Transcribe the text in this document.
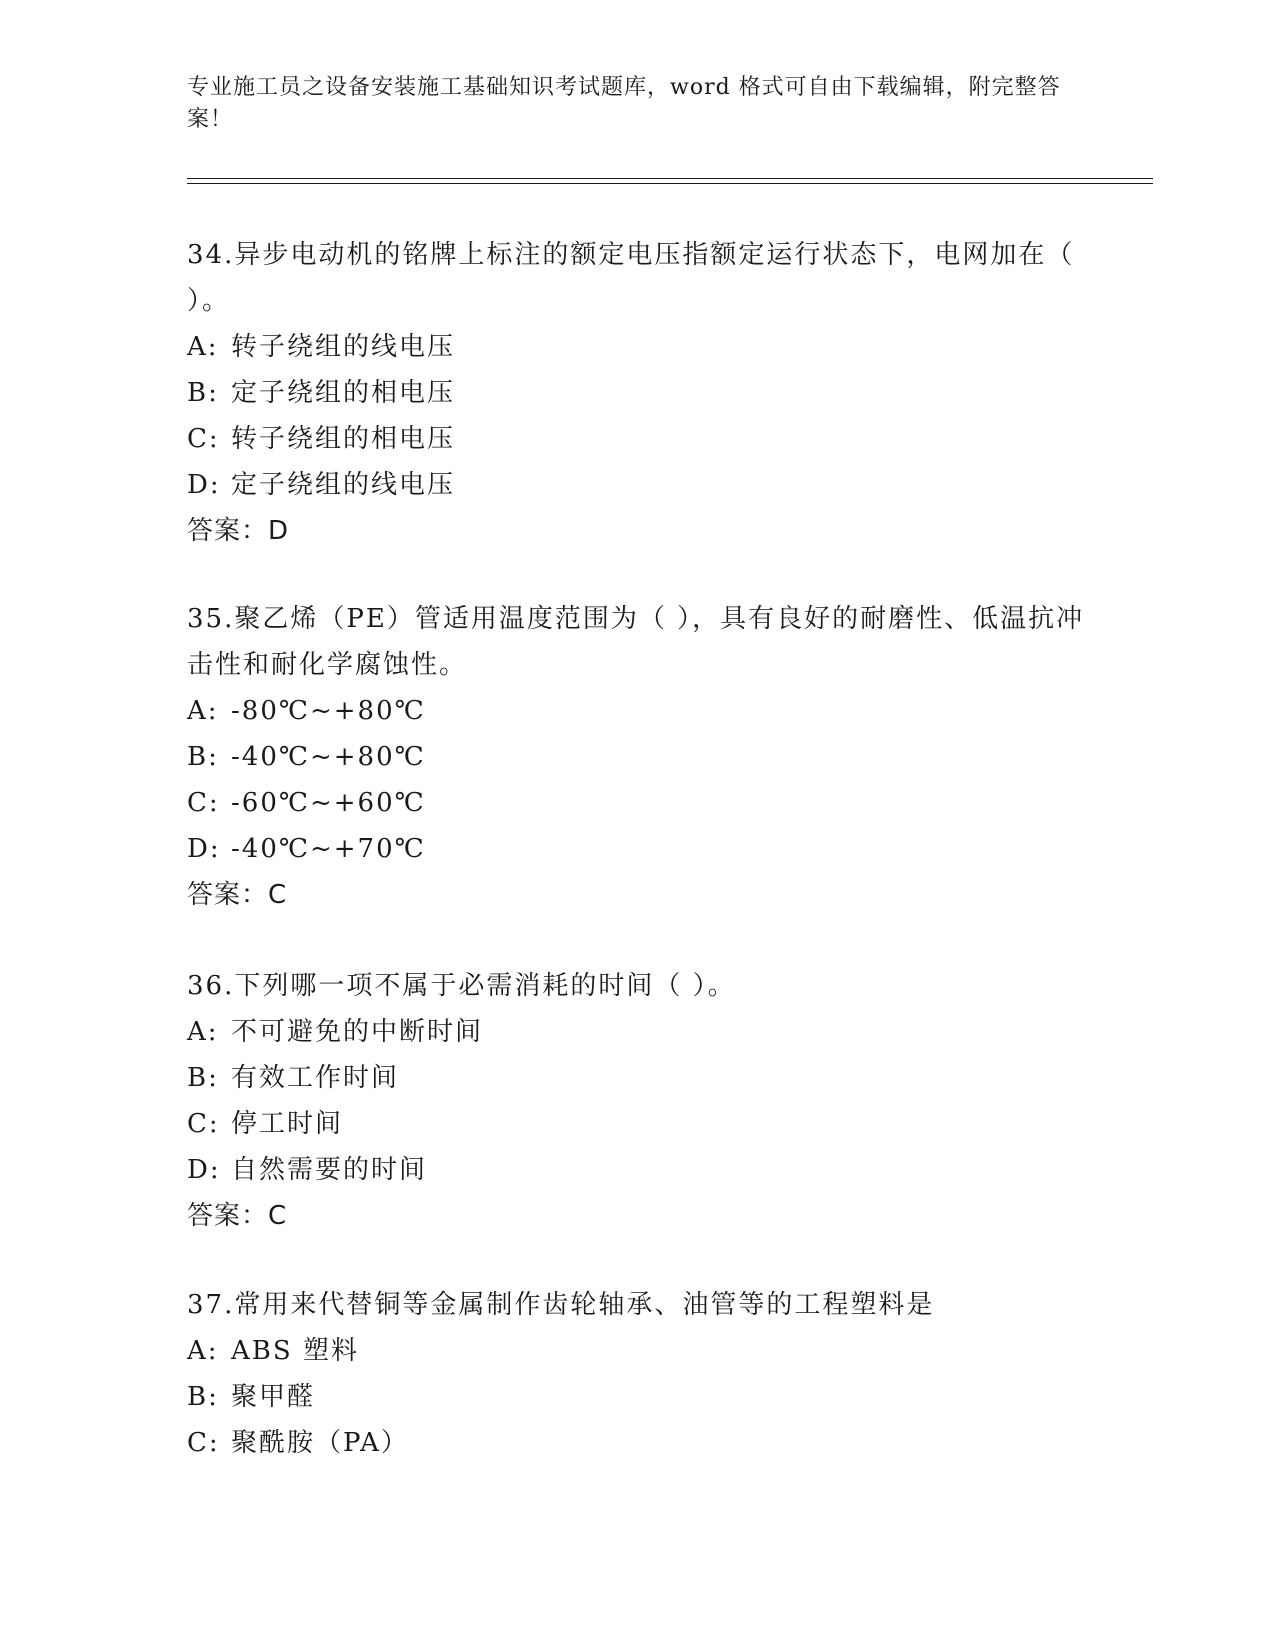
专业施工员之设备安装施工基础知识考试题库，word 格式可自由下载编辑，附完整答案！

34.异步电动机的铭牌上标注的额定电压指额定运行状态下，电网加在（ ）。

A: 转子绕组的线电压
B: 定子绕组的相电压
C: 转子绕组的相电压
D: 定子绕组的线电压
答案：D

35.聚乙烯（PE）管适用温度范围为（ ），具有良好的耐磨性、低温抗冲击性和耐化学腐蚀性。

A: -80℃~+80℃
B: -40℃~+80℃
C: -60℃~+60℃
D: -40℃~+70℃
答案：C

36.下列哪一项不属于必需消耗的时间（ ）。

A: 不可避免的中断时间
B: 有效工作时间
C: 停工时间
D: 自然需要的时间
答案：C

37.常用来代替铜等金属制作齿轮轴承、油管等的工程塑料是

A: ABS 塑料
B: 聚甲醛
C: 聚酰胺（PA）
